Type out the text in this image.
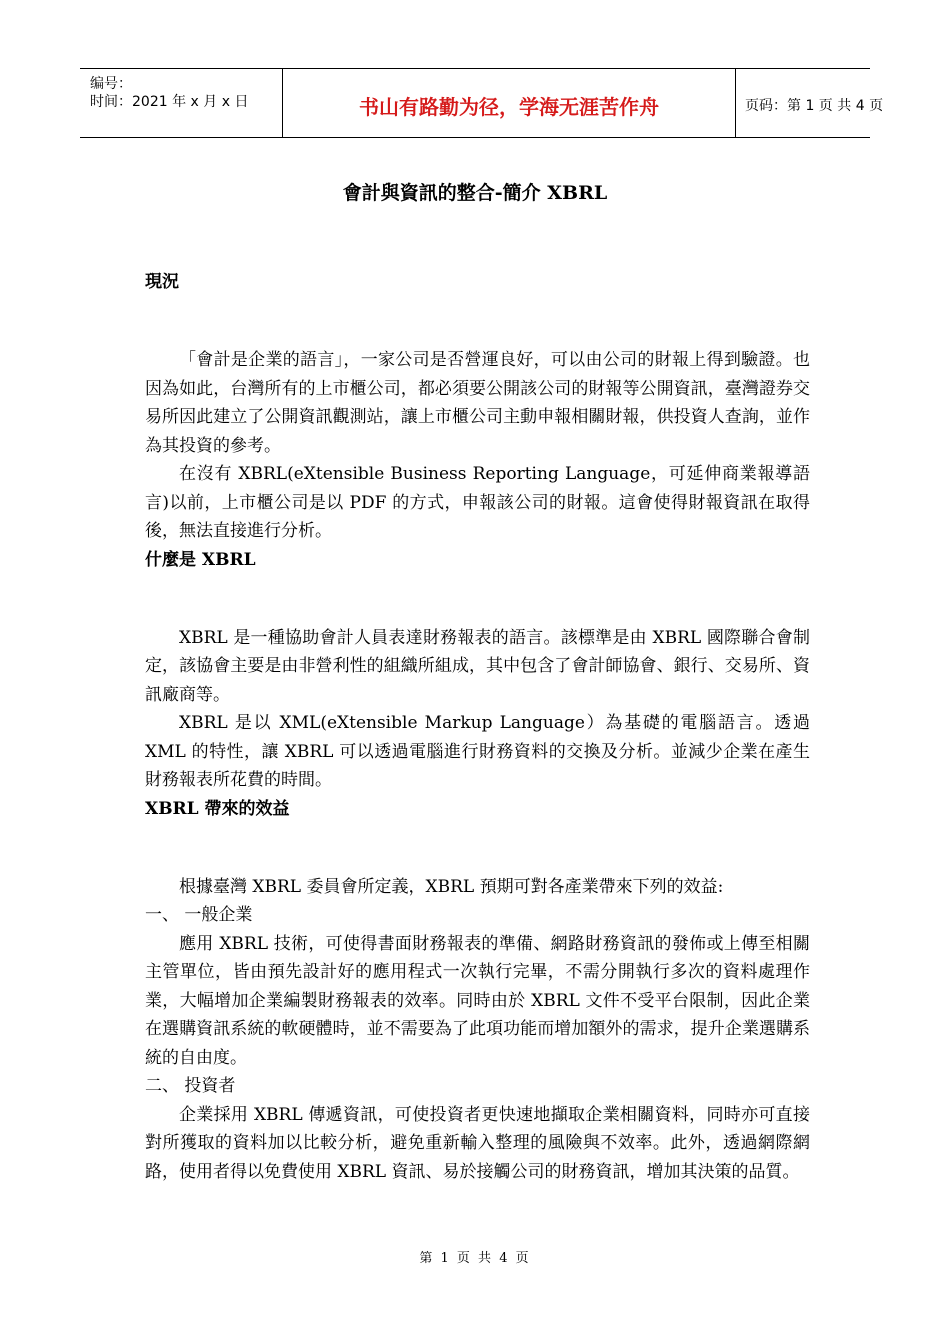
编号：
时间：2021 年 x 月 x 日	书山有路勤为径，学海无涯苦作舟	页码：第 1 页 共 4 页
會計與資訊的整合-簡介 XBRL
現況

「會計是企業的語言」，一家公司是否營運良好，可以由公司的財報上得到驗證。也因為如此，台灣所有的上市櫃公司，都必須要公開該公司的財報等公開資訊，臺灣證券交易所因此建立了公開資訊觀測站，讓上市櫃公司主動申報相關財報，供投資人查詢，並作為其投資的參考。

在沒有 XBRL(eXtensible Business Reporting Language，可延伸商業報導語言)以前，上市櫃公司是以 PDF 的方式，申報該公司的財報。這會使得財報資訊在取得後，無法直接進行分析。

什麼是 XBRL

XBRL 是一種協助會計人員表達財務報表的語言。該標準是由 XBRL 國際聯合會制定，該協會主要是由非營利性的組織所組成，其中包含了會計師協會、銀行、交易所、資訊廠商等。

XBRL 是以 XML(eXtensible Markup Language）為基礎的電腦語言。透過 XML 的特性，讓 XBRL 可以透過電腦進行財務資料的交換及分析。並減少企業在產生財務報表所花費的時間。

XBRL 帶來的效益

根據臺灣 XBRL 委員會所定義，XBRL 預期可對各產業帶來下列的效益:

一、 一般企業

應用 XBRL 技術，可使得書面財務報表的準備、網路財務資訊的發佈或上傳至相關主管單位，皆由預先設計好的應用程式一次執行完畢，不需分開執行多次的資料處理作業，大幅增加企業編製財務報表的效率。同時由於 XBRL 文件不受平台限制，因此企業在選購資訊系統的軟硬體時，並不需要為了此項功能而增加額外的需求，提升企業選購系統的自由度。

二、 投資者

企業採用 XBRL 傳遞資訊，可使投資者更快速地擷取企業相關資料，同時亦可直接對所獲取的資料加以比較分析，避免重新輸入整理的風險與不效率。此外，透過網際網路，使用者得以免費使用 XBRL 資訊、易於接觸公司的財務資訊，增加其決策的品質。

第 1 页 共 4 页
